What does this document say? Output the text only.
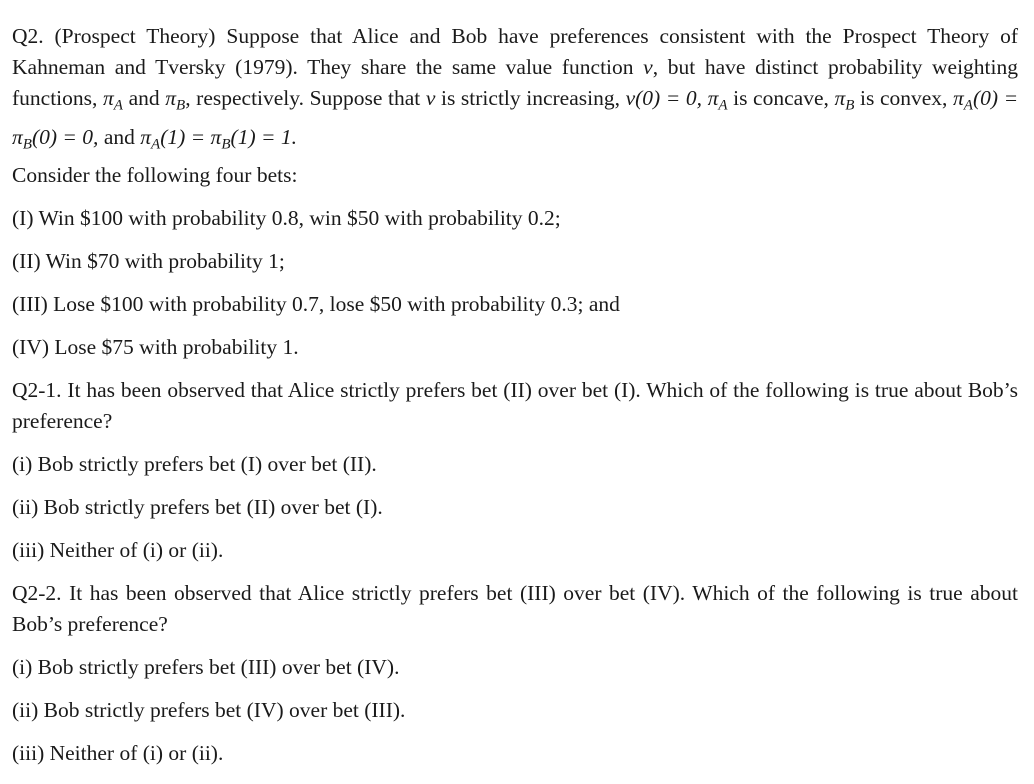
Q2. (Prospect Theory) Suppose that Alice and Bob have preferences consistent with the Prospect Theory of Kahneman and Tversky (1979). They share the same value function v, but have distinct probability weighting functions, $\pi_A$ and $\pi_B$, respectively. Suppose that v is strictly increasing, v(0) = 0, $\pi_A$ is concave, $\pi_B$ is convex, $\pi_A(0) = \pi_B(0) = 0$, and $\pi_A(1) = \pi_B(1) = 1$.
Consider the following four bets:

(I) Win $100 with probability 0.8, win $50 with probability 0.2;

(II) Win $70 with probability 1;

(III) Lose $100 with probability 0.7, lose $50 with probability 0.3; and

(IV) Lose $75 with probability 1.

Q2-1. It has been observed that Alice strictly prefers bet (II) over bet (I). Which of the following is true about Bob’s preference?

(i) Bob strictly prefers bet (I) over bet (II).

(ii) Bob strictly prefers bet (II) over bet (I).

(iii) Neither of (i) or (ii).

Q2-2. It has been observed that Alice strictly prefers bet (III) over bet (IV). Which of the following is true about Bob’s preference?

(i) Bob strictly prefers bet (III) over bet (IV).

(ii) Bob strictly prefers bet (IV) over bet (III).

(iii) Neither of (i) or (ii).
